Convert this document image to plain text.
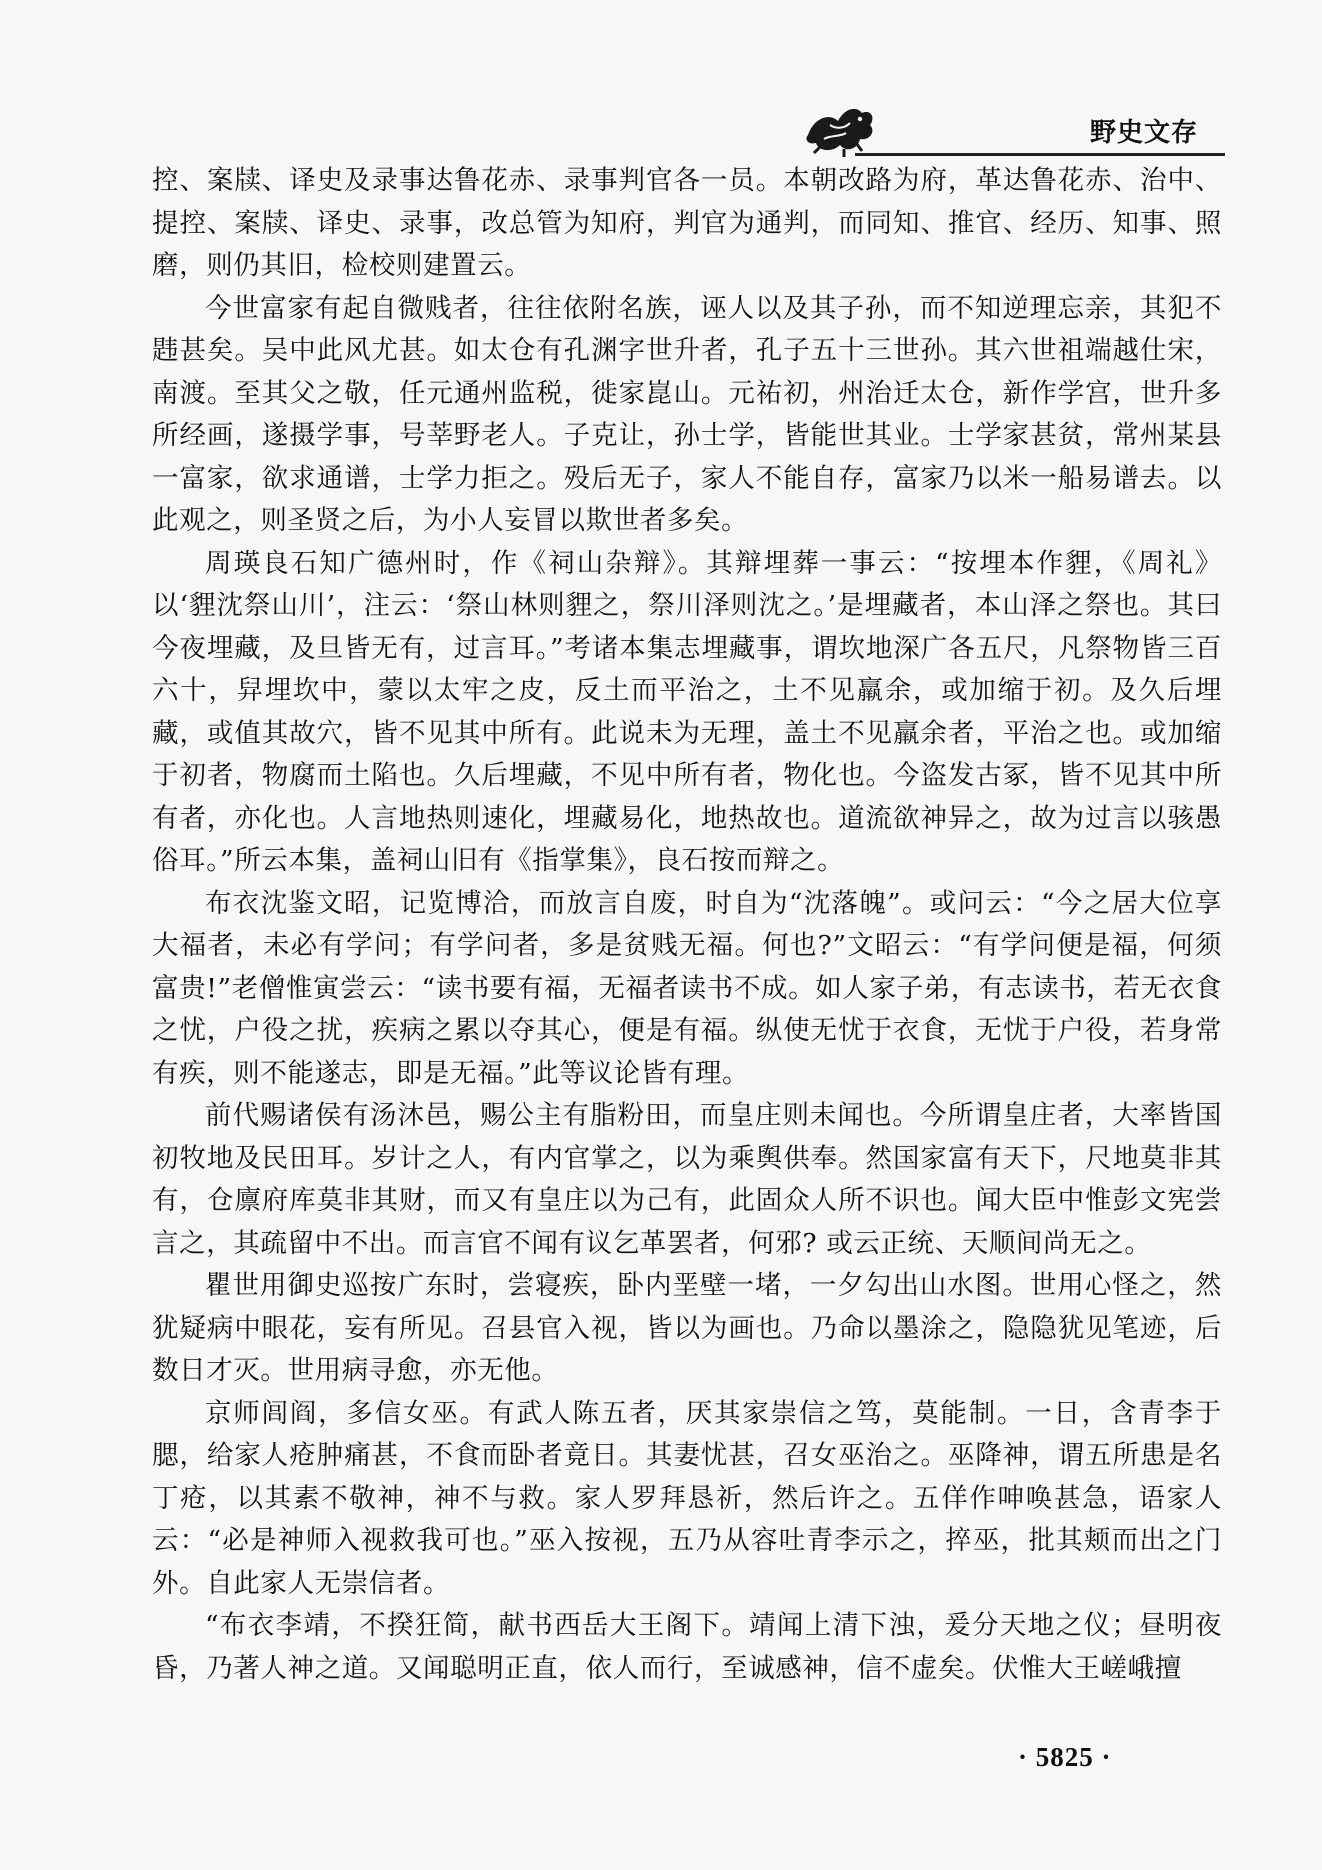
野史文存

控、案牍、译史及录事达鲁花赤、录事判官各一员。本朝改路为府，革达鲁花赤、治中、提控、案牍、译史、录事，改总管为知府，判官为通判，而同知、推官、经历、知事、照磨，则仍其旧，检校则建置云。

今世富家有起自微贱者，往往依附名族，诬人以及其子孙，而不知逆理忘亲，其犯不韪甚矣。吴中此风尤甚。如太仓有孔渊字世升者，孔子五十三世孙。其六世祖端越仕宋，南渡。至其父之敬，任元通州监税，徙家崑山。元祐初，州治迁太仓，新作学宫，世升多所经画，遂摄学事，号莘野老人。子克让，孙士学，皆能世其业。士学家甚贫，常州某县一富家，欲求通谱，士学力拒之。殁后无子，家人不能自存，富家乃以米一船易谱去。以此观之，则圣贤之后，为小人妄冒以欺世者多矣。

周瑛良石知广德州时，作《祠山杂辩》。其辩埋葬一事云：“按埋本作貍，《周礼》以‘貍沈祭山川’，注云：‘祭山林则貍之，祭川泽则沈之。’是埋藏者，本山泽之祭也。其曰今夜埋藏，及旦皆无有，过言耳。”考诸本集志埋藏事，谓坎地深广各五尺，凡祭物皆三百六十，舁埋坎中，蒙以太牢之皮，反土而平治之，土不见羸余，或加缩于初。及久后埋藏，或值其故穴，皆不见其中所有。此说未为无理，盖土不见羸余者，平治之也。或加缩于初者，物腐而土陷也。久后埋藏，不见中所有者，物化也。今盗发古冢，皆不见其中所有者，亦化也。人言地热则速化，埋藏易化，地热故也。道流欲神异之，故为过言以骇愚俗耳。”所云本集，盖祠山旧有《指掌集》，良石按而辩之。

布衣沈鉴文昭，记览博洽，而放言自废，时自为“沈落魄”。或问云：“今之居大位享大福者，未必有学问；有学问者，多是贫贱无福。何也?”文昭云：“有学问便是福，何须富贵!”老僧惟寅尝云：“读书要有福，无福者读书不成。如人家子弟，有志读书，若无衣食之忧，户役之扰，疾病之累以夺其心，便是有福。纵使无忧于衣食，无忧于户役，若身常有疾，则不能遂志，即是无福。”此等议论皆有理。

前代赐诸侯有汤沐邑，赐公主有脂粉田，而皇庄则未闻也。今所谓皇庄者，大率皆国初牧地及民田耳。岁计之人，有内官掌之，以为乘舆供奉。然国家富有天下，尺地莫非其有，仓廪府库莫非其财，而又有皇庄以为己有，此固众人所不识也。闻大臣中惟彭文宪尝言之，其疏留中不出。而言官不闻有议乞革罢者，何邪? 或云正统、天顺间尚无之。

瞿世用御史巡按广东时，尝寝疾，卧内垩壁一堵，一夕勾出山水图。世用心怪之，然犹疑病中眼花，妄有所见。召县官入视，皆以为画也。乃命以墨涂之，隐隐犹见笔迹，后数日才灭。世用病寻愈，亦无他。

京师闾阎，多信女巫。有武人陈五者，厌其家崇信之笃，莫能制。一日，含青李于腮，给家人疮肿痛甚，不食而卧者竟日。其妻忧甚，召女巫治之。巫降神，谓五所患是名丁疮，以其素不敬神，神不与救。家人罗拜恳祈，然后许之。五佯作呻唤甚急，语家人云：“必是神师入视救我可也。”巫入按视，五乃从容吐青李示之，捽巫，批其颊而出之门外。自此家人无崇信者。

“布衣李靖，不揆狂简，献书西岳大王阁下。靖闻上清下浊，爰分天地之仪；昼明夜昏，乃著人神之道。又闻聪明正直，依人而行，至诚感神，信不虚矣。伏惟大王嵯峨擅

· 5825 ·
